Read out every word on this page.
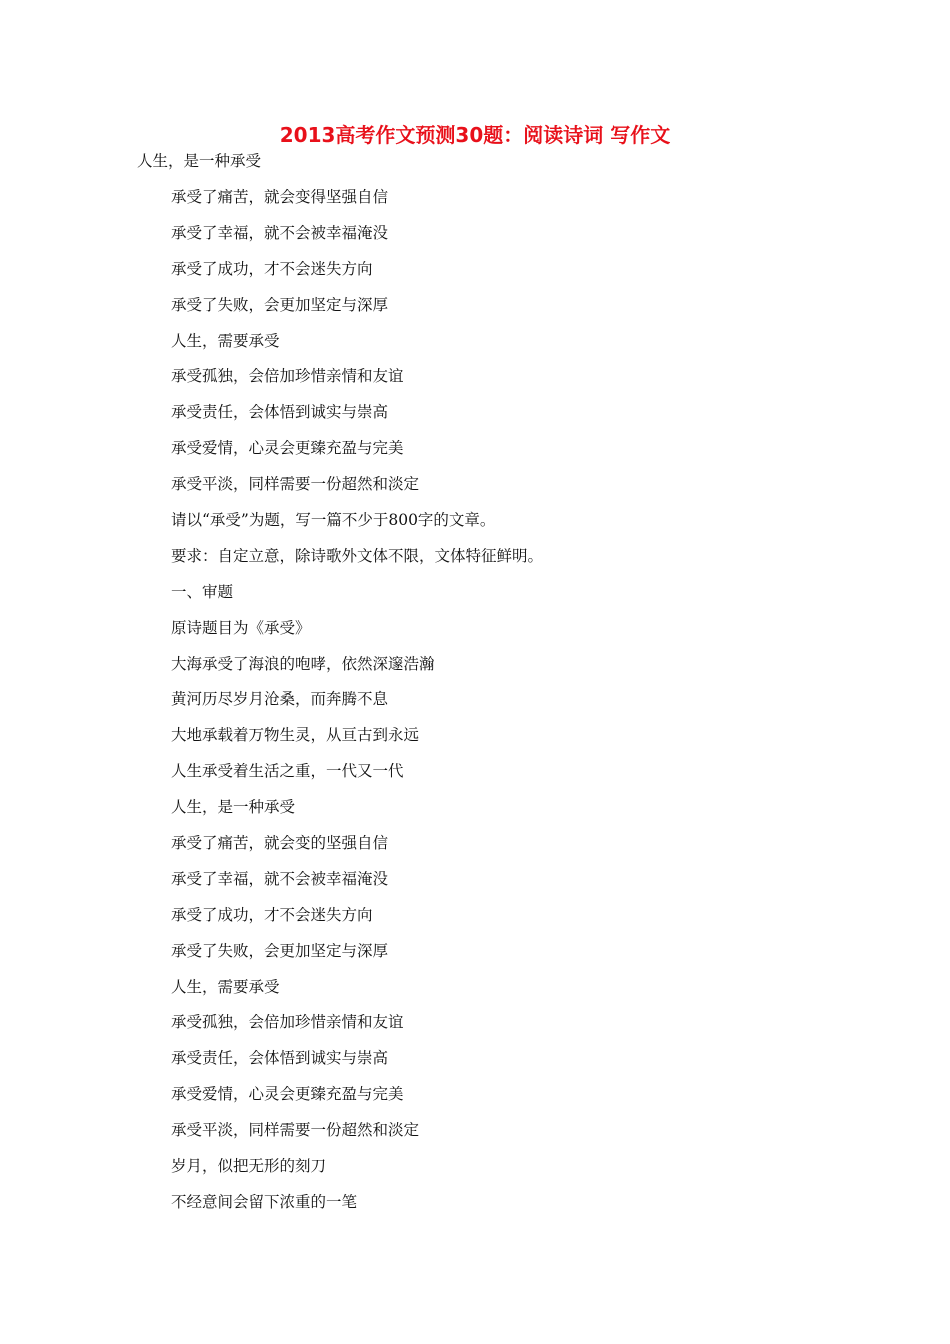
2013高考作文预测30题：阅读诗词 写作文

人生，是一种承受

承受了痛苦，就会变得坚强自信
承受了幸福，就不会被幸福淹没
承受了成功，才不会迷失方向
承受了失败，会更加坚定与深厚
人生，需要承受
承受孤独，会倍加珍惜亲情和友谊
承受责任，会体悟到诚实与崇高
承受爱情，心灵会更臻充盈与完美
承受平淡，同样需要一份超然和淡定
请以“承受”为题，写一篇不少于800字的文章。
要求：自定立意，除诗歌外文体不限，文体特征鲜明。
一、审题
原诗题目为《承受》
大海承受了海浪的咆哮，依然深邃浩瀚
黄河历尽岁月沧桑，而奔腾不息
大地承载着万物生灵，从亘古到永远
人生承受着生活之重，一代又一代
人生，是一种承受
承受了痛苦，就会变的坚强自信
承受了幸福，就不会被幸福淹没
承受了成功，才不会迷失方向
承受了失败，会更加坚定与深厚
人生，需要承受
承受孤独，会倍加珍惜亲情和友谊
承受责任，会体悟到诚实与崇高
承受爱情，心灵会更臻充盈与完美
承受平淡，同样需要一份超然和淡定
岁月，似把无形的刻刀
不经意间会留下浓重的一笔
